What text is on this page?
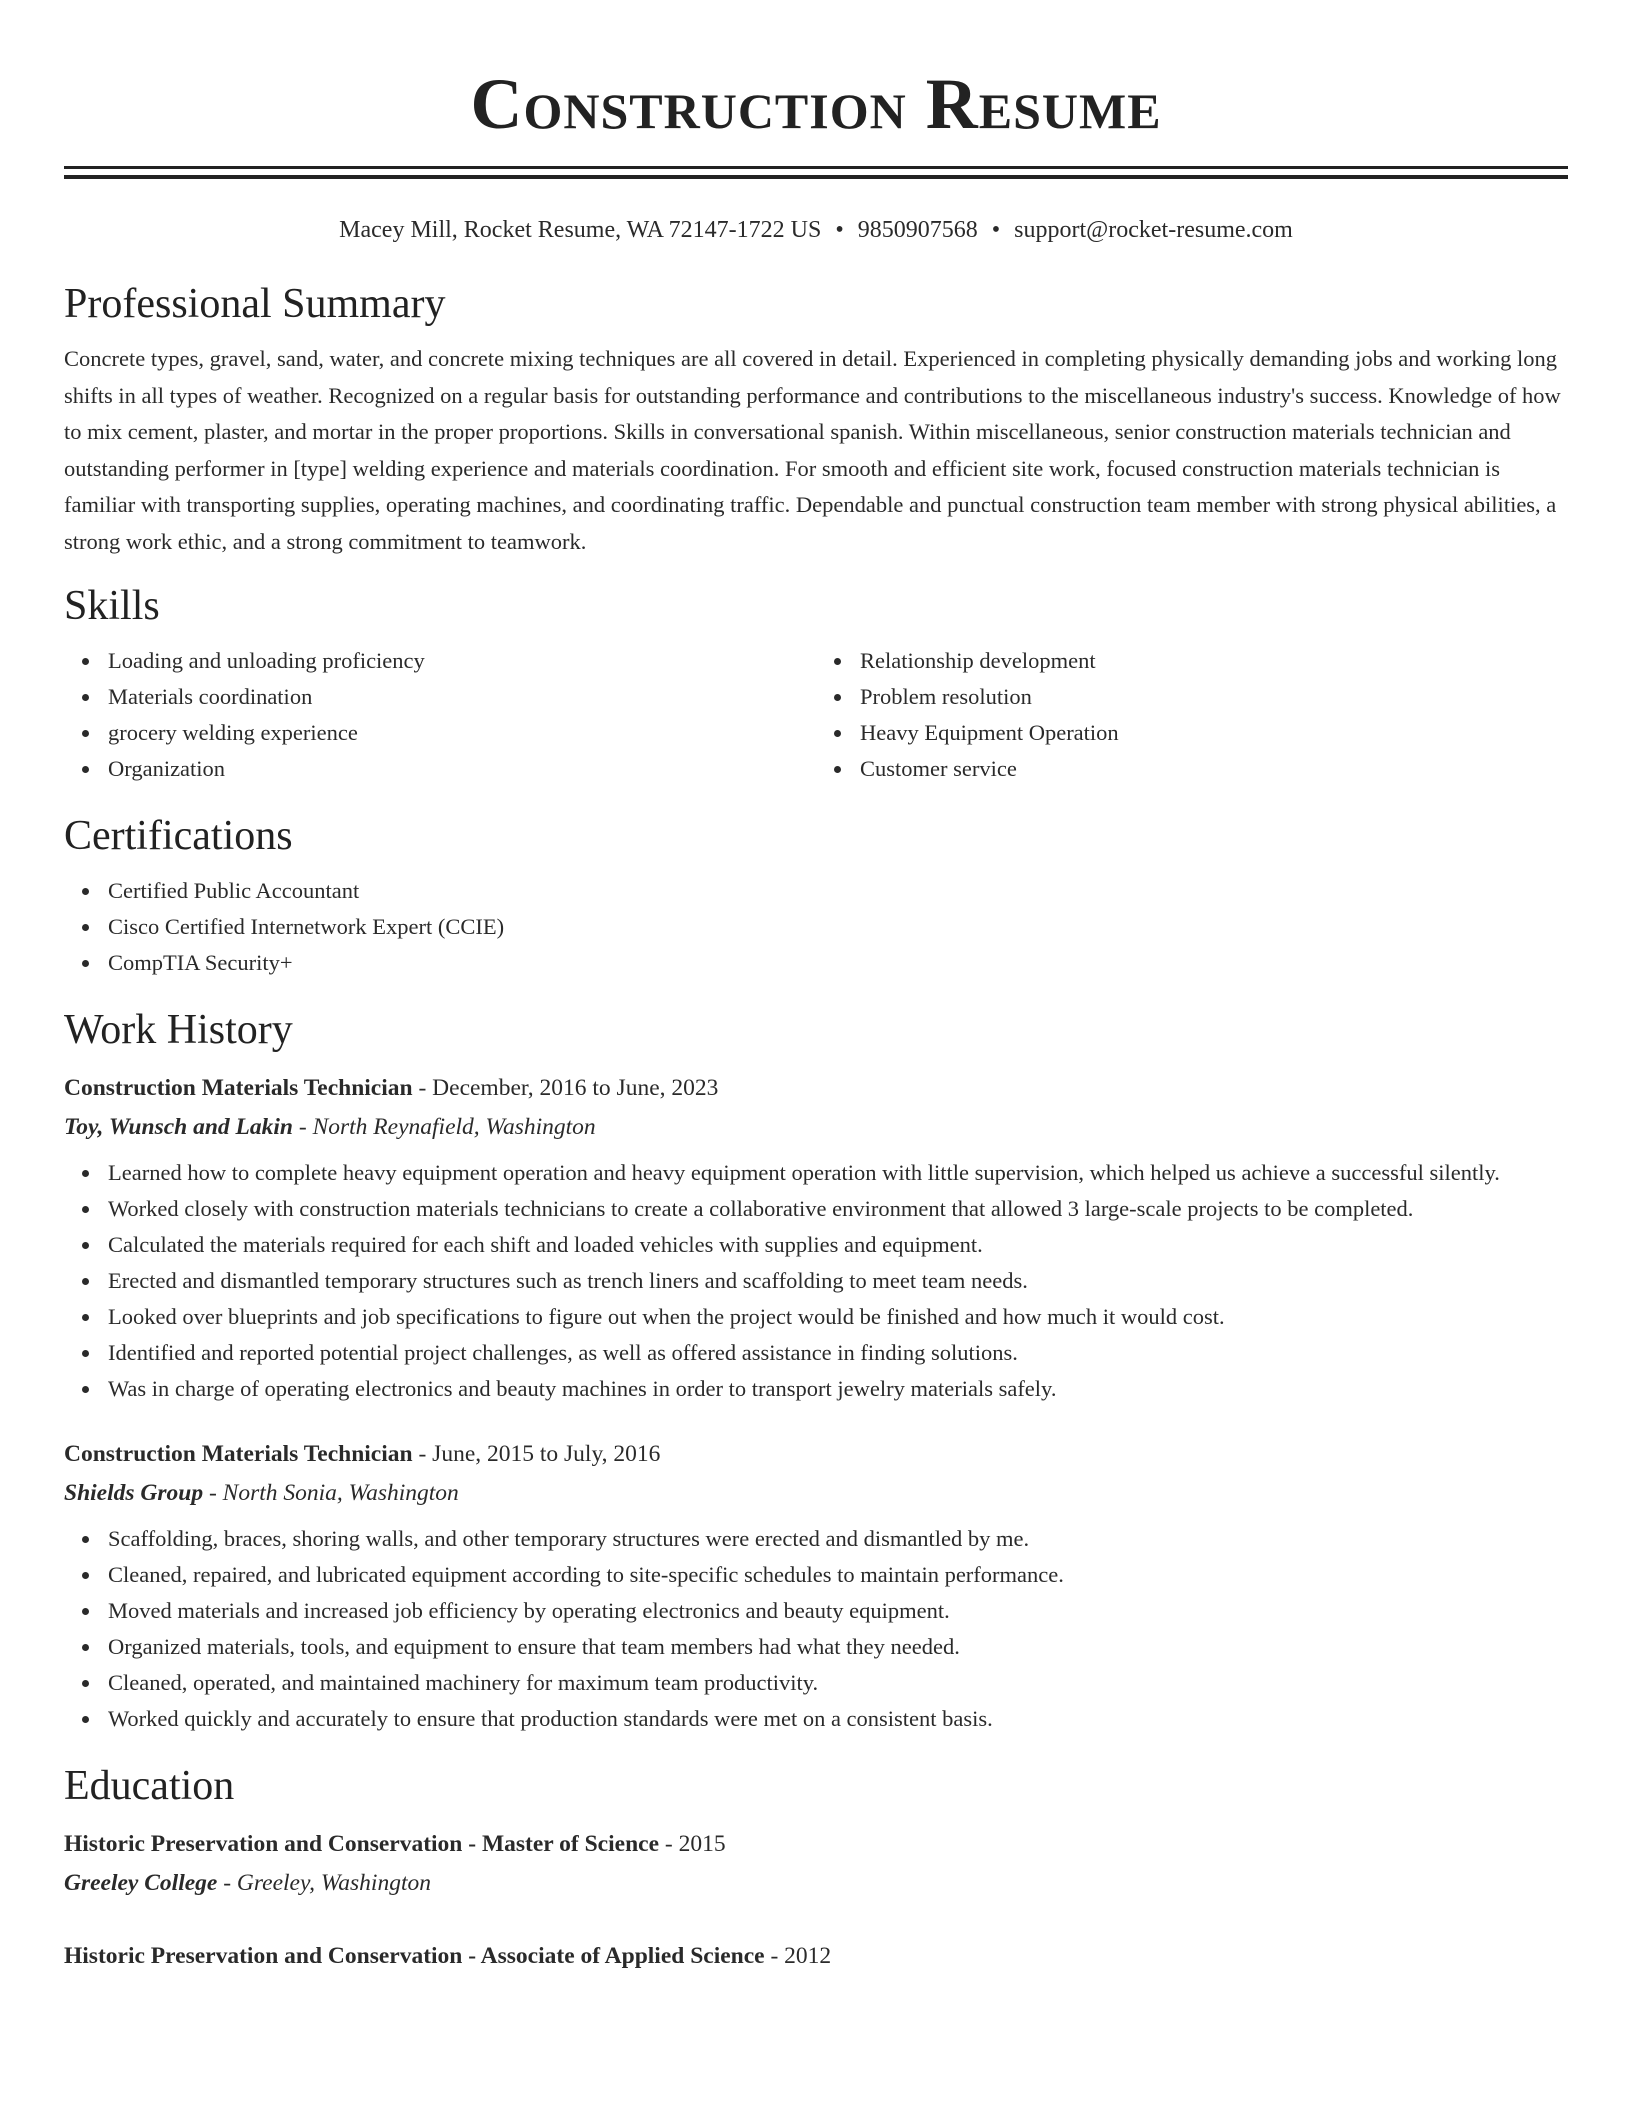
Construction Resume
Macey Mill, Rocket Resume, WA 72147-1722 US • 9850907568 • support@rocket-resume.com
Professional Summary
Concrete types, gravel, sand, water, and concrete mixing techniques are all covered in detail. Experienced in completing physically demanding jobs and working long shifts in all types of weather. Recognized on a regular basis for outstanding performance and contributions to the miscellaneous industry's success. Knowledge of how to mix cement, plaster, and mortar in the proper proportions. Skills in conversational spanish. Within miscellaneous, senior construction materials technician and outstanding performer in [type] welding experience and materials coordination. For smooth and efficient site work, focused construction materials technician is familiar with transporting supplies, operating machines, and coordinating traffic. Dependable and punctual construction team member with strong physical abilities, a strong work ethic, and a strong commitment to teamwork.
Skills
Loading and unloading proficiency
Materials coordination
grocery welding experience
Organization
Relationship development
Problem resolution
Heavy Equipment Operation
Customer service
Certifications
Certified Public Accountant
Cisco Certified Internetwork Expert (CCIE)
CompTIA Security+
Work History
Construction Materials Technician - December, 2016 to June, 2023
Toy, Wunsch and Lakin - North Reynafield, Washington
Learned how to complete heavy equipment operation and heavy equipment operation with little supervision, which helped us achieve a successful silently.
Worked closely with construction materials technicians to create a collaborative environment that allowed 3 large-scale projects to be completed.
Calculated the materials required for each shift and loaded vehicles with supplies and equipment.
Erected and dismantled temporary structures such as trench liners and scaffolding to meet team needs.
Looked over blueprints and job specifications to figure out when the project would be finished and how much it would cost.
Identified and reported potential project challenges, as well as offered assistance in finding solutions.
Was in charge of operating electronics and beauty machines in order to transport jewelry materials safely.
Construction Materials Technician - June, 2015 to July, 2016
Shields Group - North Sonia, Washington
Scaffolding, braces, shoring walls, and other temporary structures were erected and dismantled by me.
Cleaned, repaired, and lubricated equipment according to site-specific schedules to maintain performance.
Moved materials and increased job efficiency by operating electronics and beauty equipment.
Organized materials, tools, and equipment to ensure that team members had what they needed.
Cleaned, operated, and maintained machinery for maximum team productivity.
Worked quickly and accurately to ensure that production standards were met on a consistent basis.
Education
Historic Preservation and Conservation - Master of Science - 2015
Greeley College - Greeley, Washington
Historic Preservation and Conservation - Associate of Applied Science - 2012
